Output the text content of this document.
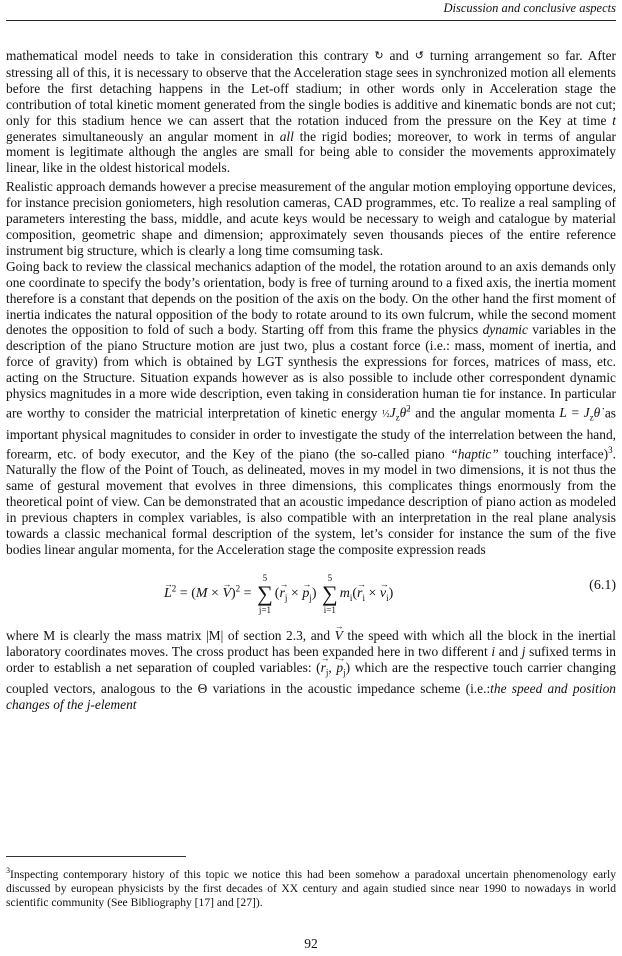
Discussion and conclusive aspects

mathematical model needs to take in consideration this contrary ↻ and ↺ turning arrangement so far. After stressing all of this, it is necessary to observe that the Acceleration stage sees in synchronized motion all elements before the first detaching happens in the Let-off stadium; in other words only in Acceleration stage the contribution of total kinetic moment generated from the single bodies is additive and kinematic bonds are not cut; only for this stadium hence we can assert that the rotation induced from the pressure on the Key at time t generates simultaneously an angular moment in all the rigid bodies; moreover, to work in terms of angular moment is legitimate although the angles are small for being able to consider the movements approximately linear, like in the oldest historical models.

Realistic approach demands however a precise measurement of the angular motion employing opportune devices, for instance precision goniometers, high resolution cameras, CAD programmes, etc. To realize a real sampling of parameters interesting the bass, middle, and acute keys would be necessary to weigh and catalogue by material composition, geometric shape and dimension; approximately seven thousands pieces of the entire reference instrument big structure, which is clearly a long time comsuming task.

Going back to review the classical mechanics adaption of the model, the rotation around to an axis demands only one coordinate to specify the body’s orientation, body is free of turning around to a fixed axis, the inertia moment therefore is a constant that depends on the position of the axis on the body. On the other hand the first moment of inertia indicates the natural opposition of the body to rotate around to its own fulcrum, while the second moment denotes the opposition to fold of such a body. Starting off from this frame the physics dynamic variables in the description of the piano Structure motion are just two, plus a costant force (i.e.: mass, moment of inertia, and force of gravity) from which is obtained by LGT synthesis the expressions for forces, matrices of mass, etc. acting on the Structure. Situation expands however as is also possible to include other correspondent dynamic physics magnitudes in a more wide description, even taking in consideration human tie for instance. In particular are worthy to consider the matricial interpretation of kinetic energy $\frac{1}{2}J_z\thetȧ^2$ and the angular momenta $L = J_z\thetȧ$ as important physical magnitudes to consider in order to investigate the study of the interrelation between the hand, forearm, etc. of body executor, and the Key of the piano (the so-called piano “haptic” touching interface)$^3$. Naturally the flow of the Point of Touch, as delineated, moves in my model in two dimensions, it is not thus the same of gestural movement that evolves in three dimensions, this complicates things enormously from the theoretical point of view. Can be demonstrated that an acoustic impedance description of piano action as modeled in previous chapters in complex variables, is also compatible with an interpretation in the real plane analysis towards a classic mechanical formal description of the system, let’s consider for instance the sum of the five bodies linear angular momenta, for the Acceleration stage the composite expression reads

→ $L^2 = (M$ × → V)$^2$ =
5
∑
j=1
(→ $r_j$ × → $p_j$)
5
∑
i=1
$m_i(\to r_i$ × → $v_i$)
(6.1)

where M is clearly the mass matrix |M| of section 2.3, and → V the speed with which all the block in the inertial laboratory coordinates moves. The cross product has been expanded here in two different i and j sufixed terms in order to establish a net separation of coupled variables: (→ $r_j$, → $p_j$) which are the respective touch carrier changing coupled vectors, analogous to the Θ variations in the acoustic impedance scheme (i.e.:the speed and position changes of the j-element

$^3$Inspecting contemporary history of this topic we notice this had been somehow a paradoxal uncertain phenomenology early discussed by european physicists by the first decades of XX century and again studied since near 1990 to nowadays in world scientific community (See Bibliography [17] and [27]).
92
